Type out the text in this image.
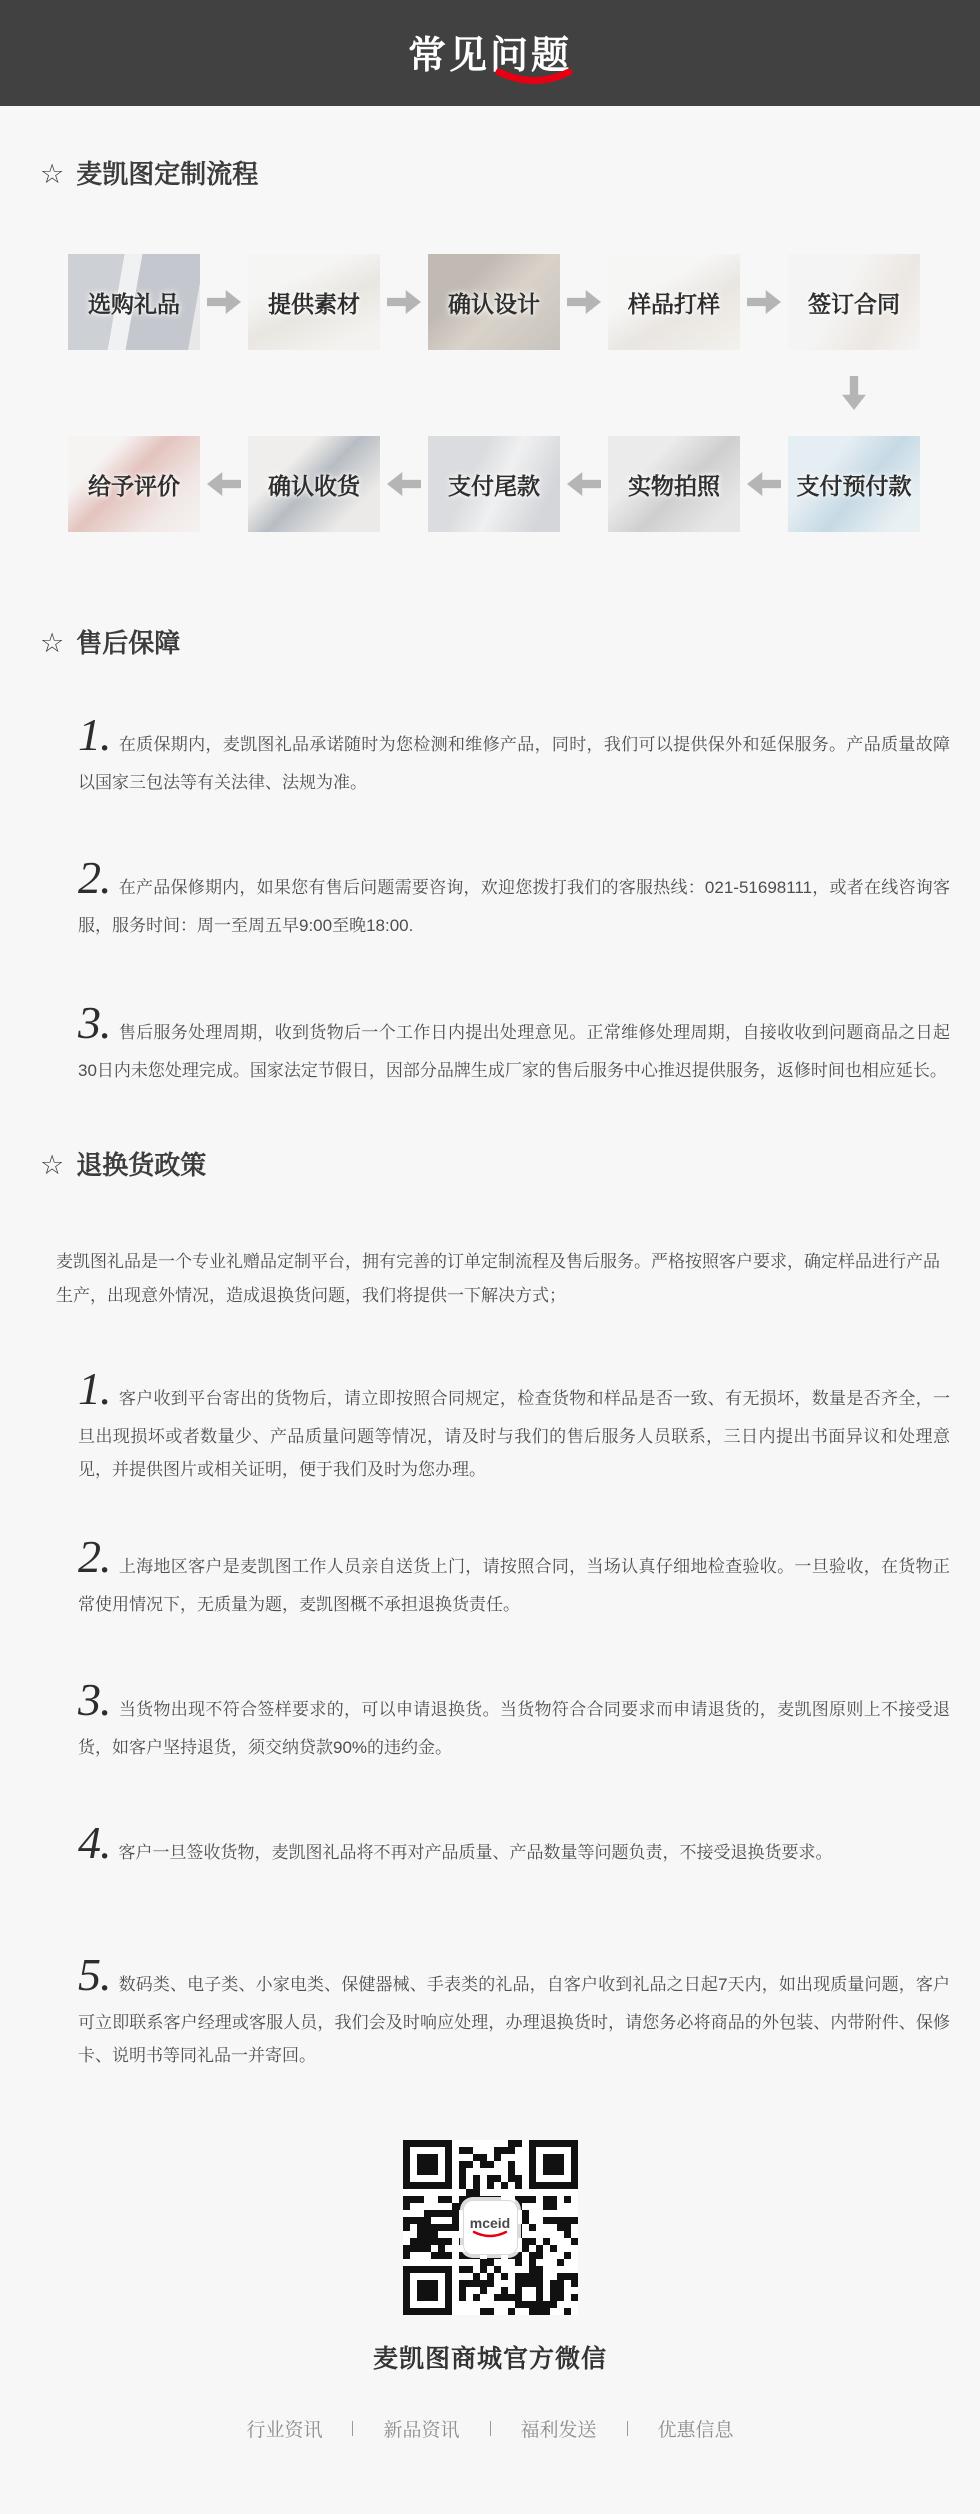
常见问题
☆ 麦凯图定制流程
选购礼品	提供素材	确认设计	样品打样	签订合同
给予评价	确认收货	支付尾款	实物拍照	支付预付款
☆ 售后保障

1. 在质保期内，麦凯图礼品承诺随时为您检测和维修产品，同时，我们可以提供保外和延保服务。产品质量故障以国家三包法等有关法律、法规为准。

2. 在产品保修期内，如果您有售后问题需要咨询，欢迎您拨打我们的客服热线：021-51698111，或者在线咨询客服，服务时间：周一至周五早9:00至晚18:00.

3. 售后服务处理周期，收到货物后一个工作日内提出处理意见。正常维修处理周期，自接收收到问题商品之日起30日内未您处理完成。国家法定节假日，因部分品牌生成厂家的售后服务中心推迟提供服务，返修时间也相应延长。

☆ 退换货政策

麦凯图礼品是一个专业礼赠品定制平台，拥有完善的订单定制流程及售后服务。严格按照客户要求，确定样品进行产品生产，出现意外情况，造成退换货问题，我们将提供一下解决方式；

1. 客户收到平台寄出的货物后，请立即按照合同规定，检查货物和样品是否一致、有无损坏，数量是否齐全，一旦出现损坏或者数量少、产品质量问题等情况，请及时与我们的售后服务人员联系，三日内提出书面异议和处理意见，并提供图片或相关证明，便于我们及时为您办理。

2. 上海地区客户是麦凯图工作人员亲自送货上门，请按照合同，当场认真仔细地检查验收。一旦验收，在货物正常使用情况下，无质量为题，麦凯图概不承担退换货责任。

3. 当货物出现不符合签样要求的，可以申请退换货。当货物符合合同要求而申请退货的，麦凯图原则上不接受退货，如客户坚持退货，须交纳贷款90%的违约金。

4. 客户一旦签收货物，麦凯图礼品将不再对产品质量、产品数量等问题负责，不接受退换货要求。

5. 数码类、电子类、小家电类、保健器械、手表类的礼品，自客户收到礼品之日起7天内，如出现质量问题，客户可立即联系客户经理或客服人员，我们会及时响应处理，办理退换货时，请您务必将商品的外包装、内带附件、保修卡、说明书等同礼品一并寄回。

mceid
麦凯图商城官方微信
行业资讯	新品资讯	福利发送	优惠信息
